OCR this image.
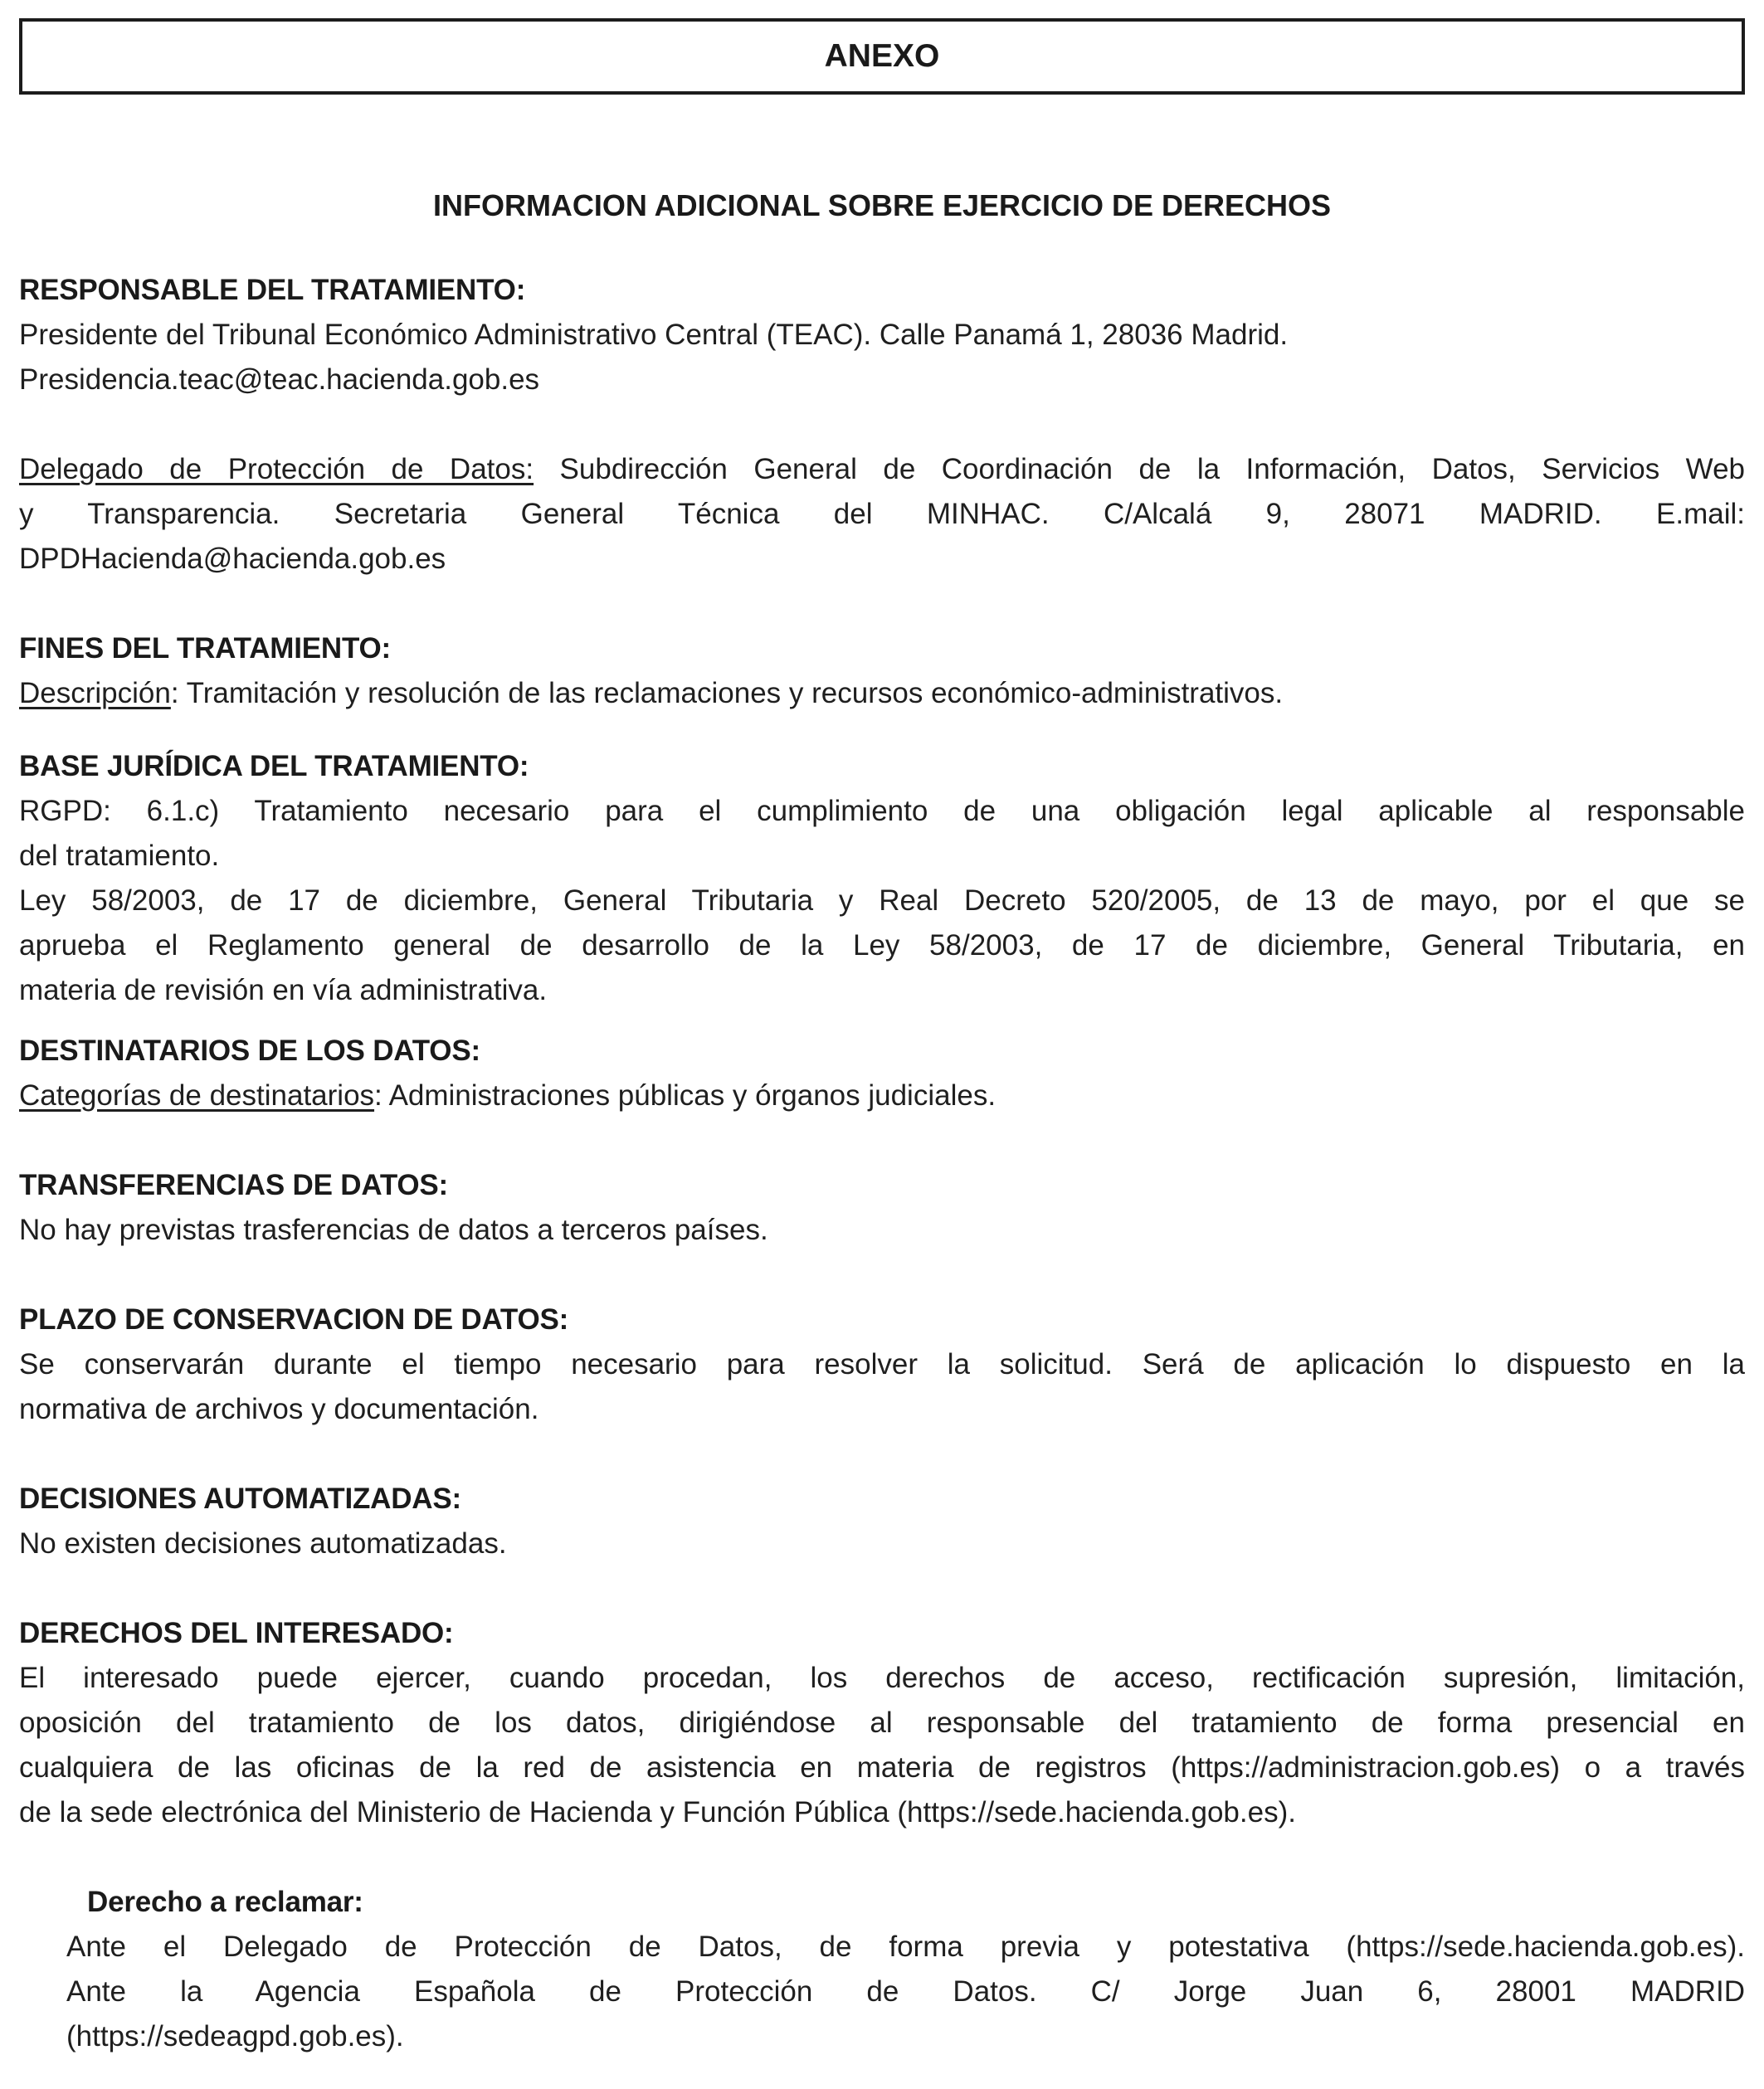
ANEXO
INFORMACION ADICIONAL SOBRE EJERCICIO DE DERECHOS
RESPONSABLE DEL TRATAMIENTO:
Presidente del Tribunal Económico Administrativo Central (TEAC). Calle Panamá 1, 28036 Madrid.
Presidencia.teac@teac.hacienda.gob.es
Delegado de Protección de Datos: Subdirección General de Coordinación de la Información, Datos, Servicios Web
y Transparencia. Secretaria General Técnica del MINHAC. C/Alcalá 9, 28071 MADRID. E.mail:
DPDHacienda@hacienda.gob.es
FINES DEL TRATAMIENTO:
Descripción: Tramitación y resolución de las reclamaciones y recursos económico-administrativos.
BASE JURÍDICA DEL TRATAMIENTO:
RGPD: 6.1.c) Tratamiento necesario para el cumplimiento de una obligación legal aplicable al responsable
del tratamiento.
Ley 58/2003, de 17 de diciembre, General Tributaria y Real Decreto 520/2005, de 13 de mayo, por el que se
aprueba el Reglamento general de desarrollo de la Ley 58/2003, de 17 de diciembre, General Tributaria, en
materia de revisión en vía administrativa.
DESTINATARIOS DE LOS DATOS:
Categorías de destinatarios: Administraciones públicas y órganos judiciales.
TRANSFERENCIAS DE DATOS:
No hay previstas trasferencias de datos a terceros países.
PLAZO DE CONSERVACION DE DATOS:
Se conservarán durante el tiempo necesario para resolver la solicitud. Será de aplicación lo dispuesto en la
normativa de archivos y documentación.
DECISIONES AUTOMATIZADAS:
No existen decisiones automatizadas.
DERECHOS DEL INTERESADO:
El interesado puede ejercer, cuando procedan, los derechos de acceso, rectificación supresión, limitación,
oposición del tratamiento de los datos, dirigiéndose al responsable del tratamiento de forma presencial en
cualquiera de las oficinas de la red de asistencia en materia de registros (https://administracion.gob.es) o a través
de la sede electrónica del Ministerio de Hacienda y Función Pública (https://sede.hacienda.gob.es).
Derecho a reclamar:
Ante el Delegado de Protección de Datos, de forma previa y potestativa (https://sede.hacienda.gob.es).
Ante la Agencia Española de Protección de Datos. C/ Jorge Juan 6, 28001 MADRID
(https://sedeagpd.gob.es).
